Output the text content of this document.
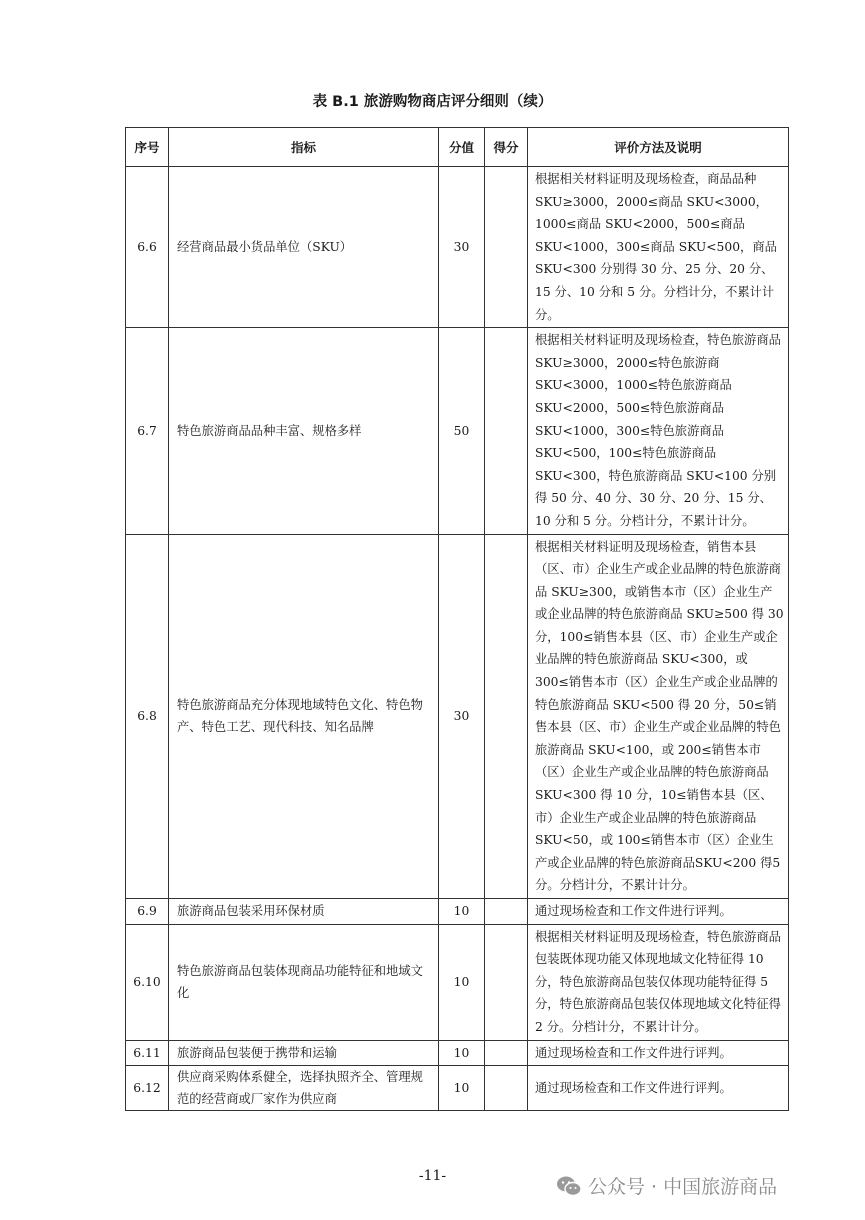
表 B.1 旅游购物商店评分细则（续）
序号	指标	分值	得分	评价方法及说明
6.6	经营商品最小货品单位（SKU）	30		根据相关材料证明及现场检查，商品品种SKU≥3000，2000≤商品 SKU<3000，1000≤商品 SKU<2000，500≤商品 SKU<1000，300≤商品 SKU<500，商品 SKU<300 分别得 30 分、25 分、20 分、15 分、10 分和 5 分。分档计分，不累计计分。
6.7	特色旅游商品品种丰富、规格多样	50		根据相关材料证明及现场检查，特色旅游商品 SKU≥3000，2000≤特色旅游商 SKU<3000，1000≤特色旅游商品 SKU<2000，500≤特色旅游商品 SKU<1000，300≤特色旅游商品SKU<500，100≤特色旅游商品 SKU<300，特色旅游商品 SKU<100 分别得 50 分、40 分、30 分、20 分、15 分、10 分和 5 分。分档计分，不累计计分。
6.8	特色旅游商品充分体现地域特色文化、特色物产、特色工艺、现代科技、知名品牌	30		根据相关材料证明及现场检查，销售本县（区、市）企业生产或企业品牌的特色旅游商品 SKU≥300，或销售本市（区）企业生产或企业品牌的特色旅游商品 SKU≥500 得 30 分，100≤销售本县（区、市）企业生产或企业品牌的特色旅游商品 SKU<300，或 300≤销售本市（区）企业生产或企业品牌的特色旅游商品 SKU<500 得 20 分，50≤销售本县（区、市）企业生产或企业品牌的特色旅游商品 SKU<100，或 200≤销售本市（区）企业生产或企业品牌的特色旅游商品 SKU<300 得 10 分，10≤销售本县（区、市）企业生产或企业品牌的特色旅游商品 SKU<50，或 100≤销售本市（区）企业生产或企业品牌的特色旅游商品SKU<200 得5分。分档计分，不累计计分。
6.9	旅游商品包装采用环保材质	10		通过现场检查和工作文件进行评判。
6.10	特色旅游商品包装体现商品功能特征和地域文化	10		根据相关材料证明及现场检查，特色旅游商品包装既体现功能又体现地域文化特征得 10 分，特色旅游商品包装仅体现功能特征得 5 分，特色旅游商品包装仅体现地域文化特征得 2 分。分档计分，不累计计分。
6.11	旅游商品包装便于携带和运输	10		通过现场检查和工作文件进行评判。
6.12	供应商采购体系健全，选择执照齐全、管理规范的经营商或厂家作为供应商	10		通过现场检查和工作文件进行评判。
-11-	公众号 · 中国旅游商品
